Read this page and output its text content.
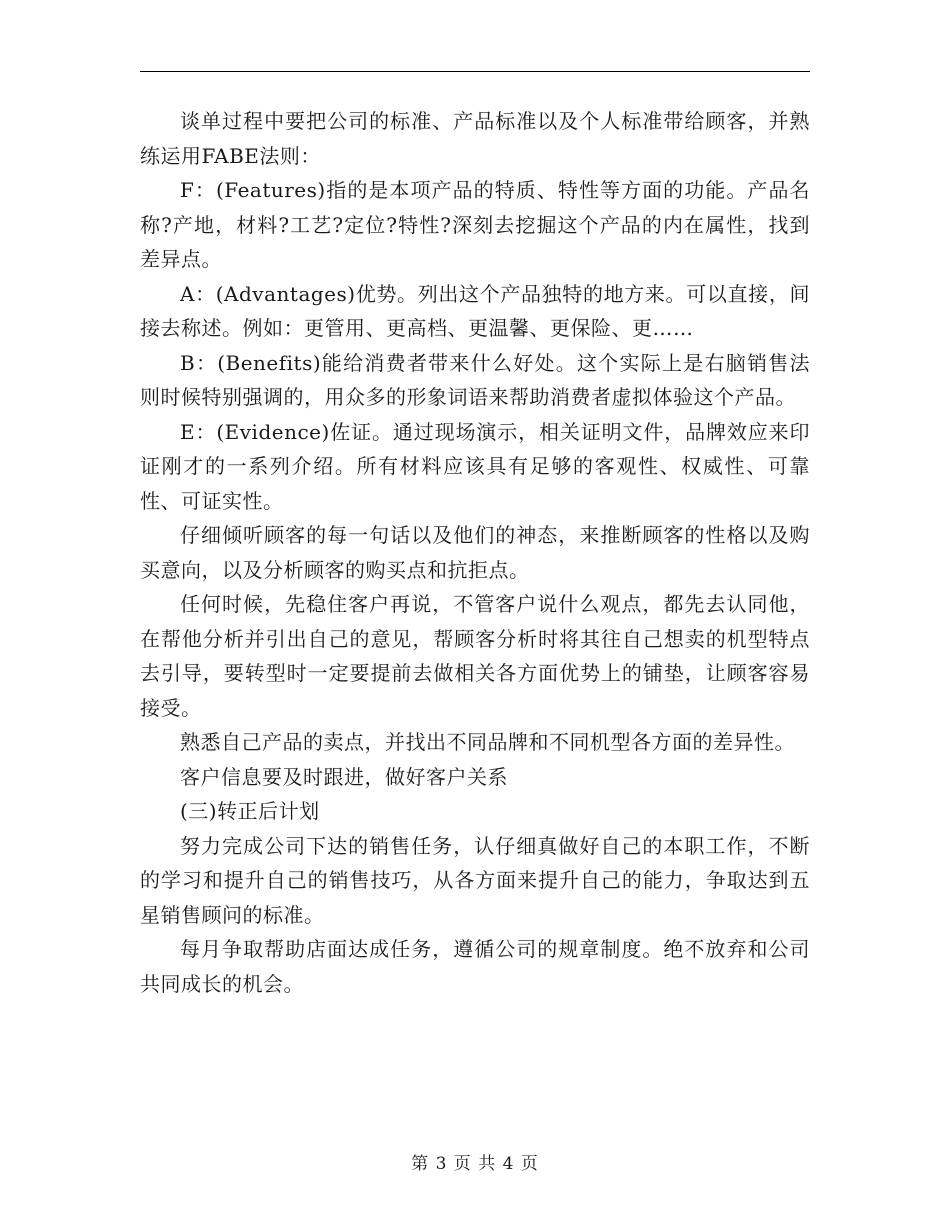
谈单过程中要把公司的标准、产品标准以及个人标准带给顾客，并熟练运用FABE法则：

F：(Features)指的是本项产品的特质、特性等方面的功能。产品名称?产地，材料?工艺?定位?特性?深刻去挖掘这个产品的内在属性，找到差异点。

A：(Advantages)优势。列出这个产品独特的地方来。可以直接，间接去称述。例如：更管用、更高档、更温馨、更保险、更……

B：(Benefits)能给消费者带来什么好处。这个实际上是右脑销售法则时候特别强调的，用众多的形象词语来帮助消费者虚拟体验这个产品。

E：(Evidence)佐证。通过现场演示，相关证明文件，品牌效应来印证刚才的一系列介绍。所有材料应该具有足够的客观性、权威性、可靠性、可证实性。

仔细倾听顾客的每一句话以及他们的神态，来推断顾客的性格以及购买意向，以及分析顾客的购买点和抗拒点。

任何时候，先稳住客户再说，不管客户说什么观点，都先去认同他，在帮他分析并引出自己的意见，帮顾客分析时将其往自己想卖的机型特点去引导，要转型时一定要提前去做相关各方面优势上的铺垫，让顾客容易接受。

熟悉自己产品的卖点，并找出不同品牌和不同机型各方面的差异性。

客户信息要及时跟进，做好客户关系

(三)转正后计划

努力完成公司下达的销售任务，认仔细真做好自己的本职工作，不断的学习和提升自己的销售技巧，从各方面来提升自己的能力，争取达到五星销售顾问的标准。

每月争取帮助店面达成任务，遵循公司的规章制度。绝不放弃和公司共同成长的机会。

第 3 页 共 4 页
